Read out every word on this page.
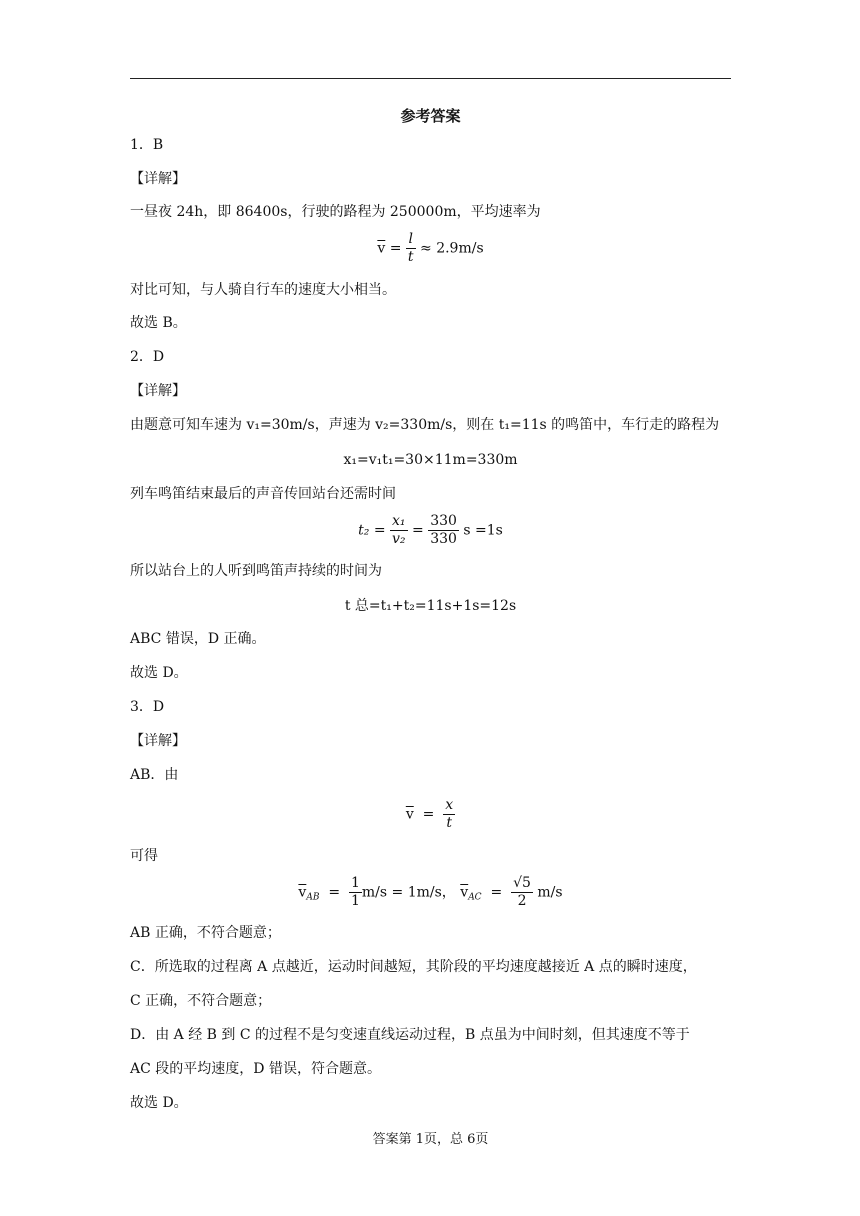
参考答案
1．B
【详解】
一昼夜 24h，即 86400s，行驶的路程为 250000m，平均速率为
$\overline{v} = \frac{l}{t} \approx 2.9m/s$
对比可知，与人骑自行车的速度大小相当。
故选 B。
2．D
【详解】
由题意可知车速为 v₁=30m/s，声速为 v₂=330m/s，则在 t₁=11s 的鸣笛中，车行走的路程为
x₁=v₁t₁=30×11m=330m
列车鸣笛结束最后的声音传回站台还需时间
$t_2 = \frac{\text{x₁}}{\text{v₂}} = \frac{330}{330}$ s =1s
所以站台上的人听到鸣笛声持续的时间为
t 总=t₁+t₂=11s+1s=12s
ABC 错误，D 正确。
故选 D。
3．D
【详解】
AB．由
$\overline{v} = \frac{x}{t}$
可得
$\overline{v}_{AB} = \frac{1}{1} m/s = 1m/s$， $\overline{v}_{AC} = \frac{√5}{2} m/s$
AB 正确，不符合题意；
C．所选取的过程离 A 点越近，运动时间越短，其阶段的平均速度越接近 A 点的瞬时速度，
C 正确，不符合题意；
D．由 A 经 B 到 C 的过程不是匀变速直线运动过程，B 点虽为中间时刻，但其速度不等于
AC 段的平均速度，D 错误，符合题意。
故选 D。
答案第 1页，总 6页
